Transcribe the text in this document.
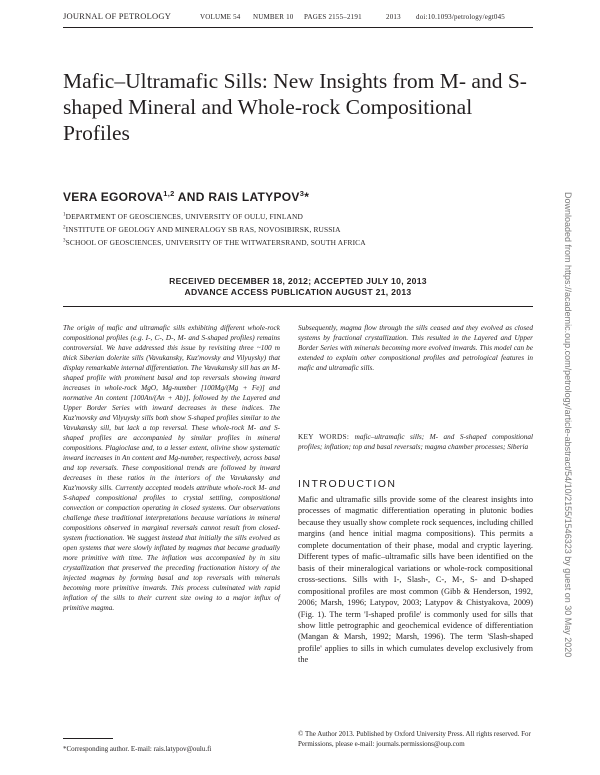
JOURNAL OF PETROLOGY	VOLUME 54 NUMBER 10 PAGES 2155–2191	2013 doi:10.1093/petrology/egt045
Mafic–Ultramafic Sills: New Insights from M- and S-shaped Mineral and Whole-rock Compositional Profiles
VERA EGOROVA$^{1,2}$ AND RAIS LATYPOV$^3$*
$^1$DEPARTMENT OF GEOSCIENCES, UNIVERSITY OF OULU, FINLAND
$^2$INSTITUTE OF GEOLOGY AND MINERALOGY SB RAS, NOVOSIBIRSK, RUSSIA
$^3$SCHOOL OF GEOSCIENCES, UNIVERSITY OF THE WITWATERSRAND, SOUTH AFRICA
RECEIVED DECEMBER 18, 2012; ACCEPTED JULY 10, 2013
ADVANCE ACCESS PUBLICATION AUGUST 21, 2013
The origin of mafic and ultramafic sills exhibiting different whole-rock compositional profiles (e.g. I-, C-, D-, M- and S-shaped profiles) remains controversial. We have addressed this issue by revisiting three ~100 m thick Siberian dolerite sills (Vavukansky, Kuz'movsky and Vilyuysky) that display remarkable internal differentiation. The Vavukansky sill has an M-shaped profile with prominent basal and top reversals showing inward increases in whole-rock MgO, Mg-number [100Mg/(Mg + Fe)] and normative An content [100An/(An + Ab)], followed by the Layered and Upper Border Series with inward decreases in these indices. The Kuz'movsky and Vilyuysky sills both show S-shaped profiles similar to the Vavukansky sill, but lack a top reversal. These whole-rock M- and S-shaped profiles are accompanied by similar profiles in mineral compositions. Plagioclase and, to a lesser extent, olivine show systematic inward increases in An content and Mg-number, respectively, across basal and top reversals. These compositional trends are followed by inward decreases in these ratios in the interiors of the Vavukansky and Kuz'movsky sills. Currently accepted models attribute whole-rock M- and S-shaped compositional profiles to crystal settling, compositional convection or compaction operating in closed systems. Our observations challenge these traditional interpretations because variations in mineral compositions observed in marginal reversals cannot result from closed-system fractionation. We suggest instead that initially the sills evolved as open systems that were slowly inflated by magmas that became gradually more primitive with time. The inflation was accompanied by in situ crystallization that preserved the preceding fractionation history of the injected magmas by forming basal and top reversals with minerals becoming more primitive inwards. This process culminated with rapid inflation of the sills to their current size owing to a major influx of primitive magma.
Subsequently, magma flow through the sills ceased and they evolved as closed systems by fractional crystallization. This resulted in the Layered and Upper Border Series with minerals becoming more evolved inwards. This model can be extended to explain other compositional profiles and petrological features in mafic and ultramafic sills.
KEY WORDS: mafic–ultramafic sills; M- and S-shaped compositional profiles; inflation; top and basal reversals; magma chamber processes; Siberia
INTRODUCTION

Mafic and ultramafic sills provide some of the clearest insights into processes of magmatic differentiation operating in plutonic bodies because they usually show complete rock sequences, including chilled margins (and hence initial magma compositions). This permits a complete documentation of their phase, modal and cryptic layering. Different types of mafic–ultramafic sills have been identified on the basis of their mineralogical variations or whole-rock compositional cross-sections. Sills with I-, Slash-, C-, M-, S- and D-shaped compositional profiles are most common (Gibb & Henderson, 1992, 2006; Marsh, 1996; Latypov, 2003; Latypov & Chistyakova, 2009) (Fig. 1). The term 'I-shaped profile' is commonly used for sills that show little petrographic and geochemical evidence of differentiation (Mangan & Marsh, 1992; Marsh, 1996). The term 'Slash-shaped profile' applies to sills in which cumulates develop exclusively from the

© The Author 2013. Published by Oxford University Press. All rights reserved. For Permissions, please e-mail: journals.permissions@oup.com
*Corresponding author. E-mail: rais.latypov@oulu.fi
Downloaded from https://academic.oup.com/petrology/article-abstract/54/10/2155/1546323 by guest on 30 May 2020
